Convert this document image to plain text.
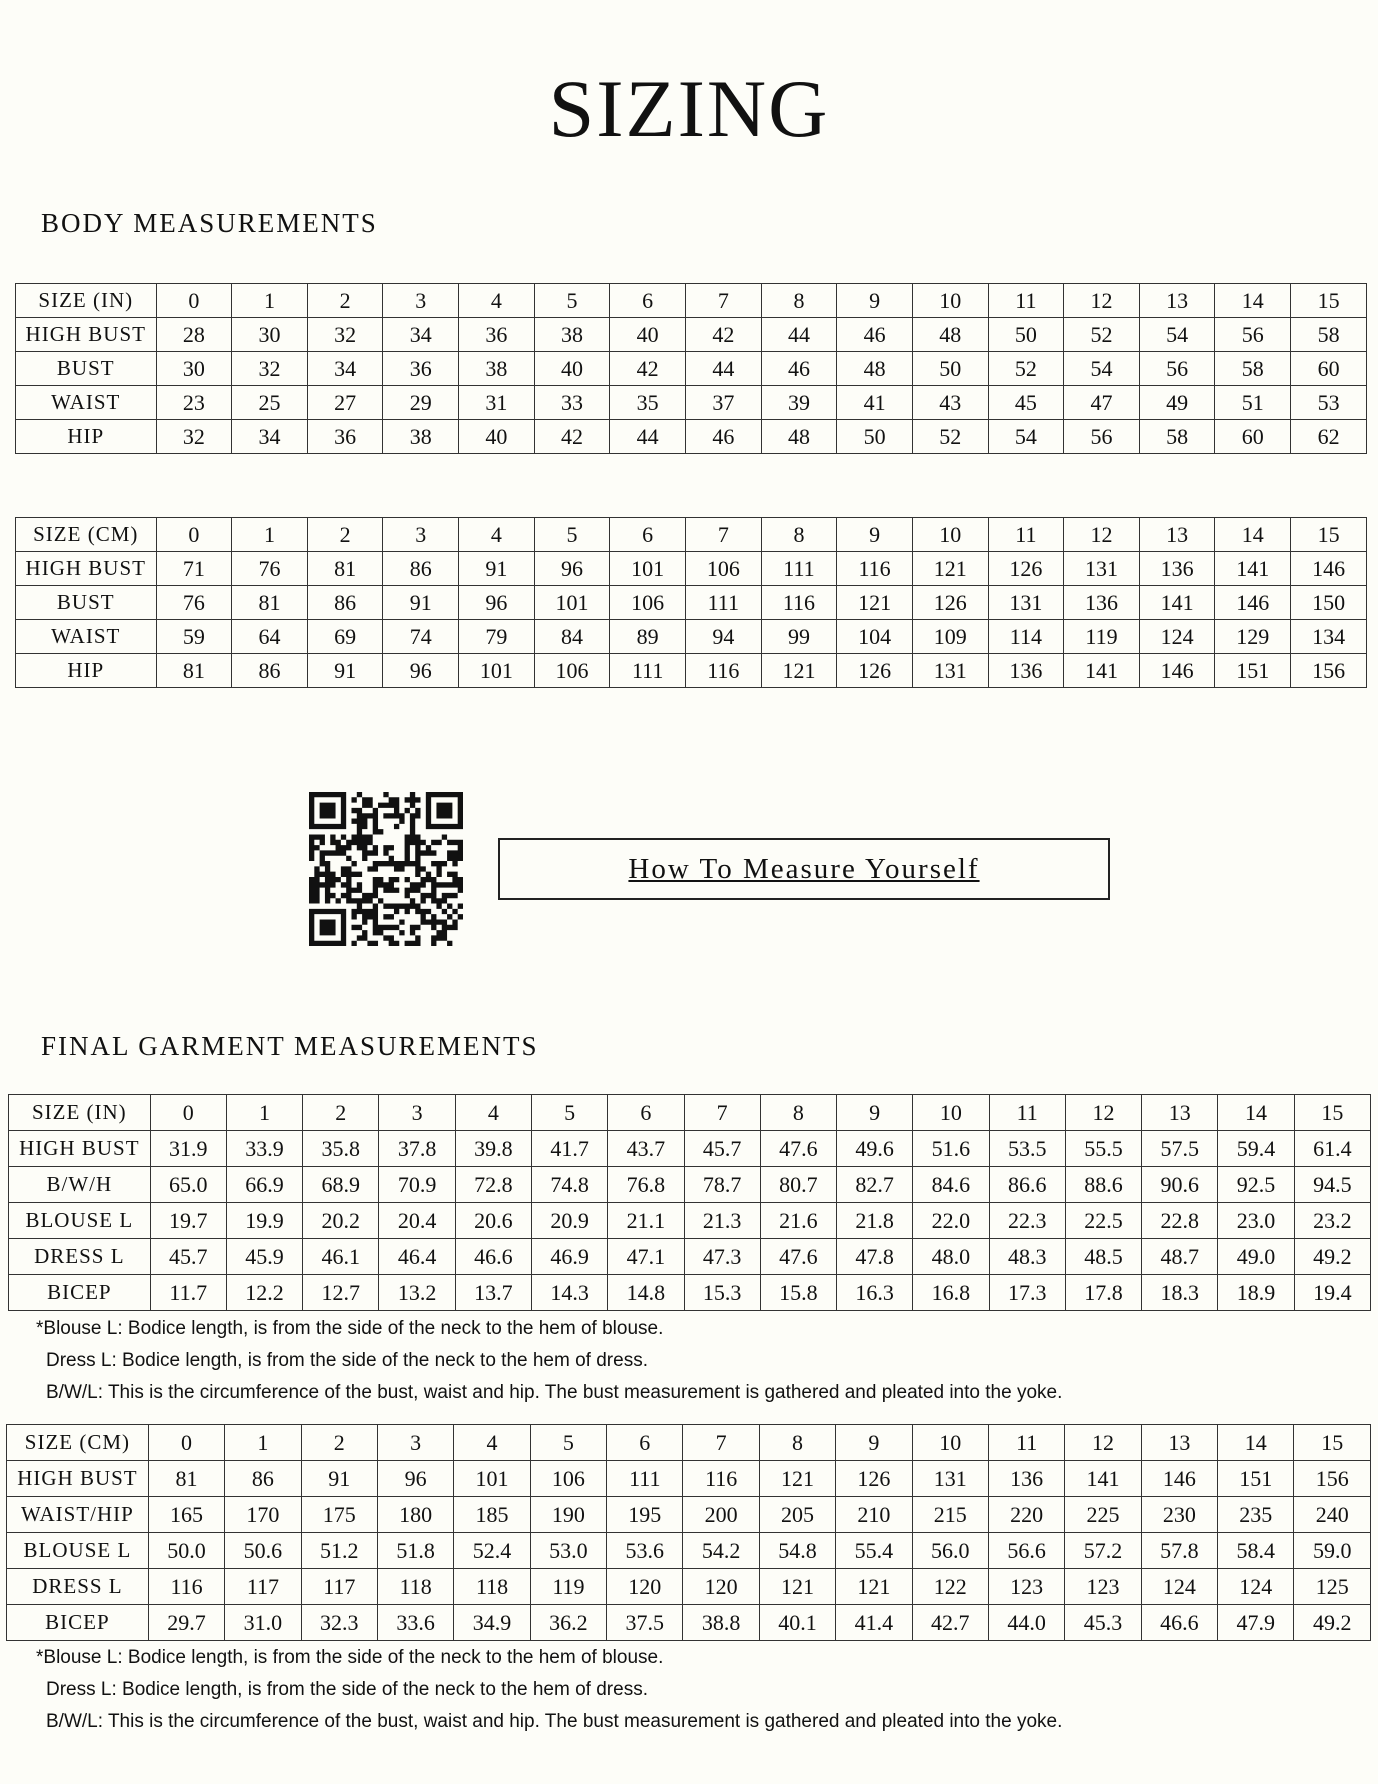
SIZING
BODY MEASUREMENTS
SIZE (IN)	0	1	2	3	4	5	6	7	8	9	10	11	12	13	14	15
HIGH BUST	28	30	32	34	36	38	40	42	44	46	48	50	52	54	56	58
BUST	30	32	34	36	38	40	42	44	46	48	50	52	54	56	58	60
WAIST	23	25	27	29	31	33	35	37	39	41	43	45	47	49	51	53
HIP	32	34	36	38	40	42	44	46	48	50	52	54	56	58	60	62
SIZE (CM)	0	1	2	3	4	5	6	7	8	9	10	11	12	13	14	15
HIGH BUST	71	76	81	86	91	96	101	106	111	116	121	126	131	136	141	146
BUST	76	81	86	91	96	101	106	111	116	121	126	131	136	141	146	150
WAIST	59	64	69	74	79	84	89	94	99	104	109	114	119	124	129	134
HIP	81	86	91	96	101	106	111	116	121	126	131	136	141	146	151	156
How To Measure Yourself
FINAL GARMENT MEASUREMENTS
SIZE (IN)	0	1	2	3	4	5	6	7	8	9	10	11	12	13	14	15
HIGH BUST	31.9	33.9	35.8	37.8	39.8	41.7	43.7	45.7	47.6	49.6	51.6	53.5	55.5	57.5	59.4	61.4
B/W/H	65.0	66.9	68.9	70.9	72.8	74.8	76.8	78.7	80.7	82.7	84.6	86.6	88.6	90.6	92.5	94.5
BLOUSE L	19.7	19.9	20.2	20.4	20.6	20.9	21.1	21.3	21.6	21.8	22.0	22.3	22.5	22.8	23.0	23.2
DRESS L	45.7	45.9	46.1	46.4	46.6	46.9	47.1	47.3	47.6	47.8	48.0	48.3	48.5	48.7	49.0	49.2
BICEP	11.7	12.2	12.7	13.2	13.7	14.3	14.8	15.3	15.8	16.3	16.8	17.3	17.8	18.3	18.9	19.4
*Blouse L: Bodice length, is from the side of the neck to the hem of blouse.
Dress L: Bodice length, is from the side of the neck to the hem of dress.
B/W/L: This is the circumference of the bust, waist and hip. The bust measurement is gathered and pleated into the yoke.
SIZE (CM)	0	1	2	3	4	5	6	7	8	9	10	11	12	13	14	15
HIGH BUST	81	86	91	96	101	106	111	116	121	126	131	136	141	146	151	156
WAIST/HIP	165	170	175	180	185	190	195	200	205	210	215	220	225	230	235	240
BLOUSE L	50.0	50.6	51.2	51.8	52.4	53.0	53.6	54.2	54.8	55.4	56.0	56.6	57.2	57.8	58.4	59.0
DRESS L	116	117	117	118	118	119	120	120	121	121	122	123	123	124	124	125
BICEP	29.7	31.0	32.3	33.6	34.9	36.2	37.5	38.8	40.1	41.4	42.7	44.0	45.3	46.6	47.9	49.2
*Blouse L: Bodice length, is from the side of the neck to the hem of blouse.
Dress L: Bodice length, is from the side of the neck to the hem of dress.
B/W/L: This is the circumference of the bust, waist and hip. The bust measurement is gathered and pleated into the yoke.
